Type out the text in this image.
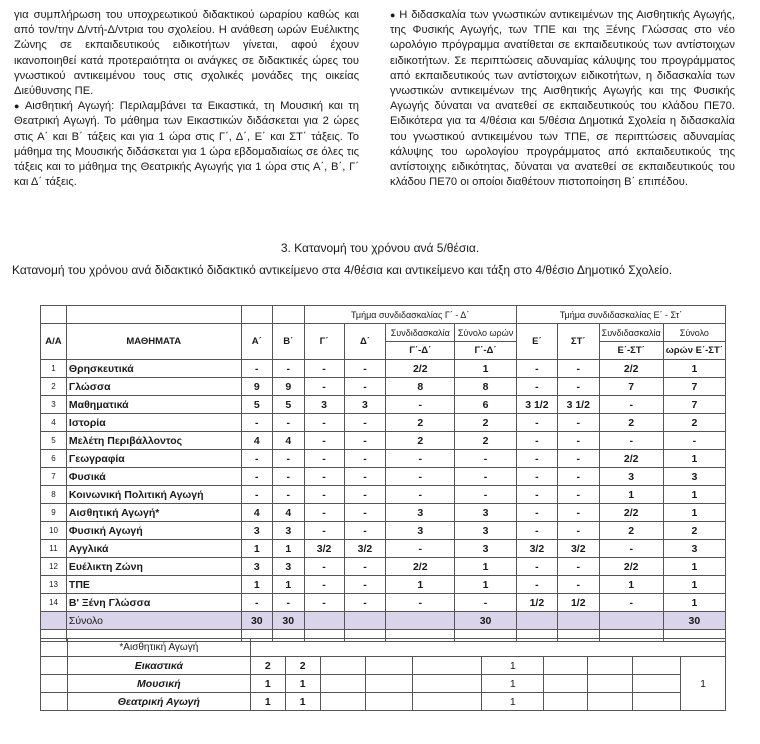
για συμπλήρωση του υποχρεωτικού διδακτικού ωραρίου καθώς και από τον/την Δ/ντή-Δ/ντρια του σχολείου. Η ανάθεση ωρών Ευέλικτης Ζώνης σε εκπαιδευτικούς ειδικοτήτων γίνεται, αφού έχουν ικανοποιηθεί κατά προτεραιότητα οι ανάγκες σε διδακτικές ώρες του γνωστικού αντικειμένου τους στις σχολικές μονάδες της οικείας Διεύθυνσης ΠΕ.

● Αισθητική Αγωγή: Περιλαμβάνει τα Εικαστικά, τη Μουσική και τη Θεατρική Αγωγή. Το μάθημα των Εικαστικών διδάσκεται για 2 ώρες στις Α΄ και Β΄ τάξεις και για 1 ώρα στις Γ΄, Δ΄, Ε΄ και ΣΤ΄ τάξεις. Το μάθημα της Μουσικής διδάσκεται για 1 ώρα εβδομαδιαίως σε όλες τις τάξεις και το μάθημα της Θεατρικής Αγωγής για 1 ώρα στις Α΄, Β΄, Γ΄ και Δ΄ τάξεις.

● Η διδασκαλία των γνωστικών αντικειμένων της Αισθητικής Αγωγής, της Φυσικής Αγωγής, των ΤΠΕ και της Ξένης Γλώσσας στο νέο ωρολόγιο πρόγραμμα ανατίθεται σε εκπαιδευτικούς των αντίστοιχων ειδικοτήτων. Σε περιπτώσεις αδυναμίας κάλυψης του προγράμματος από εκπαιδευτικούς των αντίστοιχων ειδικοτήτων, η διδασκαλία των γνωστικών αντικειμένων της Αισθητικής Αγωγής και της Φυσικής Αγωγής δύναται να ανατεθεί σε εκπαιδευτικούς του κλάδου ΠΕ70. Ειδικότερα για τα 4/θέσια και 5/θέσια Δημοτικά Σχολεία η διδασκαλία του γνωστικού αντικειμένου των ΤΠΕ, σε περιπτώσεις αδυναμίας κάλυψης του ωρολογίου προγράμματος από εκπαιδευτικούς της αντίστοιχης ειδικότητας, δύναται να ανατεθεί σε εκπαιδευτικούς του κλάδου ΠΕ70 οι οποίοι διαθέτουν πιστοποίηση Β΄ επιπέδου.

3. Κατανομή του χρόνου ανά 5/θέσια.
Κατανομή του χρόνου ανά διδακτικό διδακτικό αντικείμενο στα 4/θέσια και αντικείμενο και τάξη στο 4/θέσιο Δημοτικό Σχολείο.
				Τμήμα συνδιδασκαλίας Γ΄ - Δ΄				Τμήμα συνδιδασκαλίας Ε΄ - Στ΄			
Α/Α	ΜΑΘΗΜΑΤΑ	Α΄	Β΄	Γ΄	Δ΄	Συνδιδασκαλία	Σύνολο ωρών	Ε΄	ΣΤ΄	Συνδιδασκαλία	Σύνολο
						Γ΄-Δ΄	Γ΄-Δ΄			Ε΄-ΣΤ΄	ωρών Ε΄-ΣΤ΄
1	Θρησκευτικά	-	-	-	-	2/2	1	-	-	2/2	1
2	Γλώσσα	9	9	-	-	8	8	-	-	7	7
3	Μαθηματικά	5	5	3	3	-	6	3 1/2	3 1/2	-	7
4	Ιστορία	-	-	-	-	2	2	-	-	2	2
5	Μελέτη Περιβάλλοντος	4	4	-	-	2	2	-	-	-	-
6	Γεωγραφία	-	-	-	-	-	-	-	-	2/2	1
7	Φυσικά	-	-	-	-	-	-	-	-	3	3
8	Κοινωνική Πολιτική Αγωγή	-	-	-	-	-	-	-	-	1	1
9	Αισθητική Αγωγή*	4	4	-	-	3	3	-	-	2/2	1
10	Φυσική Αγωγή	3	3	-	-	3	3	-	-	2	2
11	Αγγλικά	1	1	3/2	3/2	-	3	3/2	3/2	-	3
12	Ευέλικτη Ζώνη	3	3	-	-	2/2	1	-	-	2/2	1
13	ΤΠΕ	1	1	-	-	1	1	-	-	1	1
14	Β' Ξένη Γλώσσα	-	-	-	-	-	-	1/2	1/2	-	1
	Σύνολο	30	30				30				30

	*Αισθητική Αγωγή										
	Εικαστικά	2	2				1				1
	Μουσική	1	1				1				
	Θεατρική Αγωγή	1	1				1				
